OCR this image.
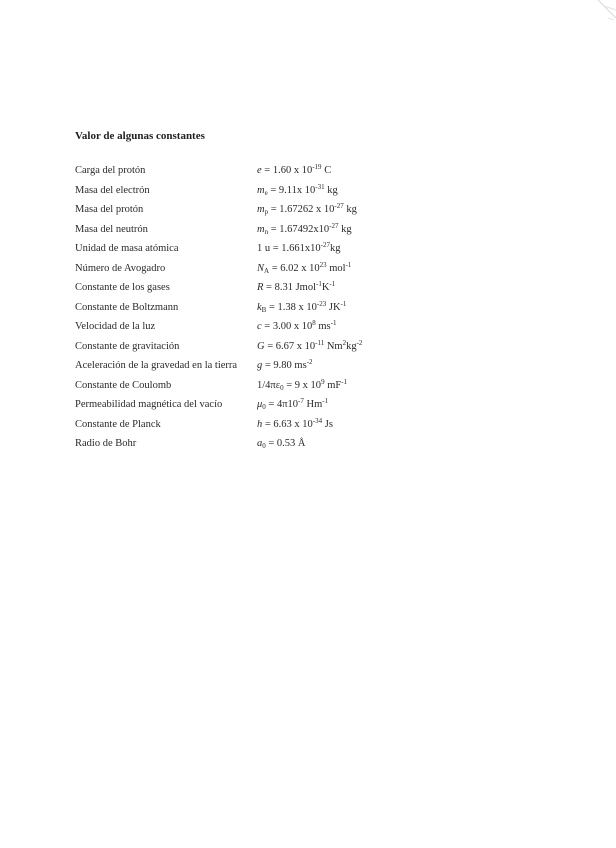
Valor de algunas constantes
Carga del protón	e = 1.60 x $10^{-19}$ C
Masa del electrón	$m_e = 9.11x$ $10^{-31}$ kg
Masa del protón	$m_p = 1.67262$ x $10^{-27}$ kg
Masa del neutrón	$m_n = 1.67492x10^{-27}$ kg
Unidad de masa atómica	1 $u = 1.661x10^{-27}kg$
Número de Avogadro	$N_A = 6.02$ x $10^{23}$ mol$^{-1}$
Constante de los gases	R = 8.31 $Jmol^{-1}K^{-1}$
Constante de Boltzmann	$k_B = 1.38$ x $10^{-23}$ $JK^{-1}$
Velocidad de la luz	c = 3.00 x $10^8$ $ms^{-1}$
Constante de gravitación	G = 6.67 x $10^{-11}$ $Nm^2kg^{-2}$
Aceleración de la gravedad en la tierra g = 9.80 $ms^{-2}$
Constante de Coulomb	$1/4\pi\varepsilon_0 = 9$ x $10^9$ $mF^{-1}$
Permeabilidad magnética del vacío	$\mu_0 = 4\pi 10^{-7}$ $Hm^{-1}$
Constante de Planck	h = 6.63 x $10^{-34}$ Js
Radio de Bohr	$a_0 = 0.53$ Å
